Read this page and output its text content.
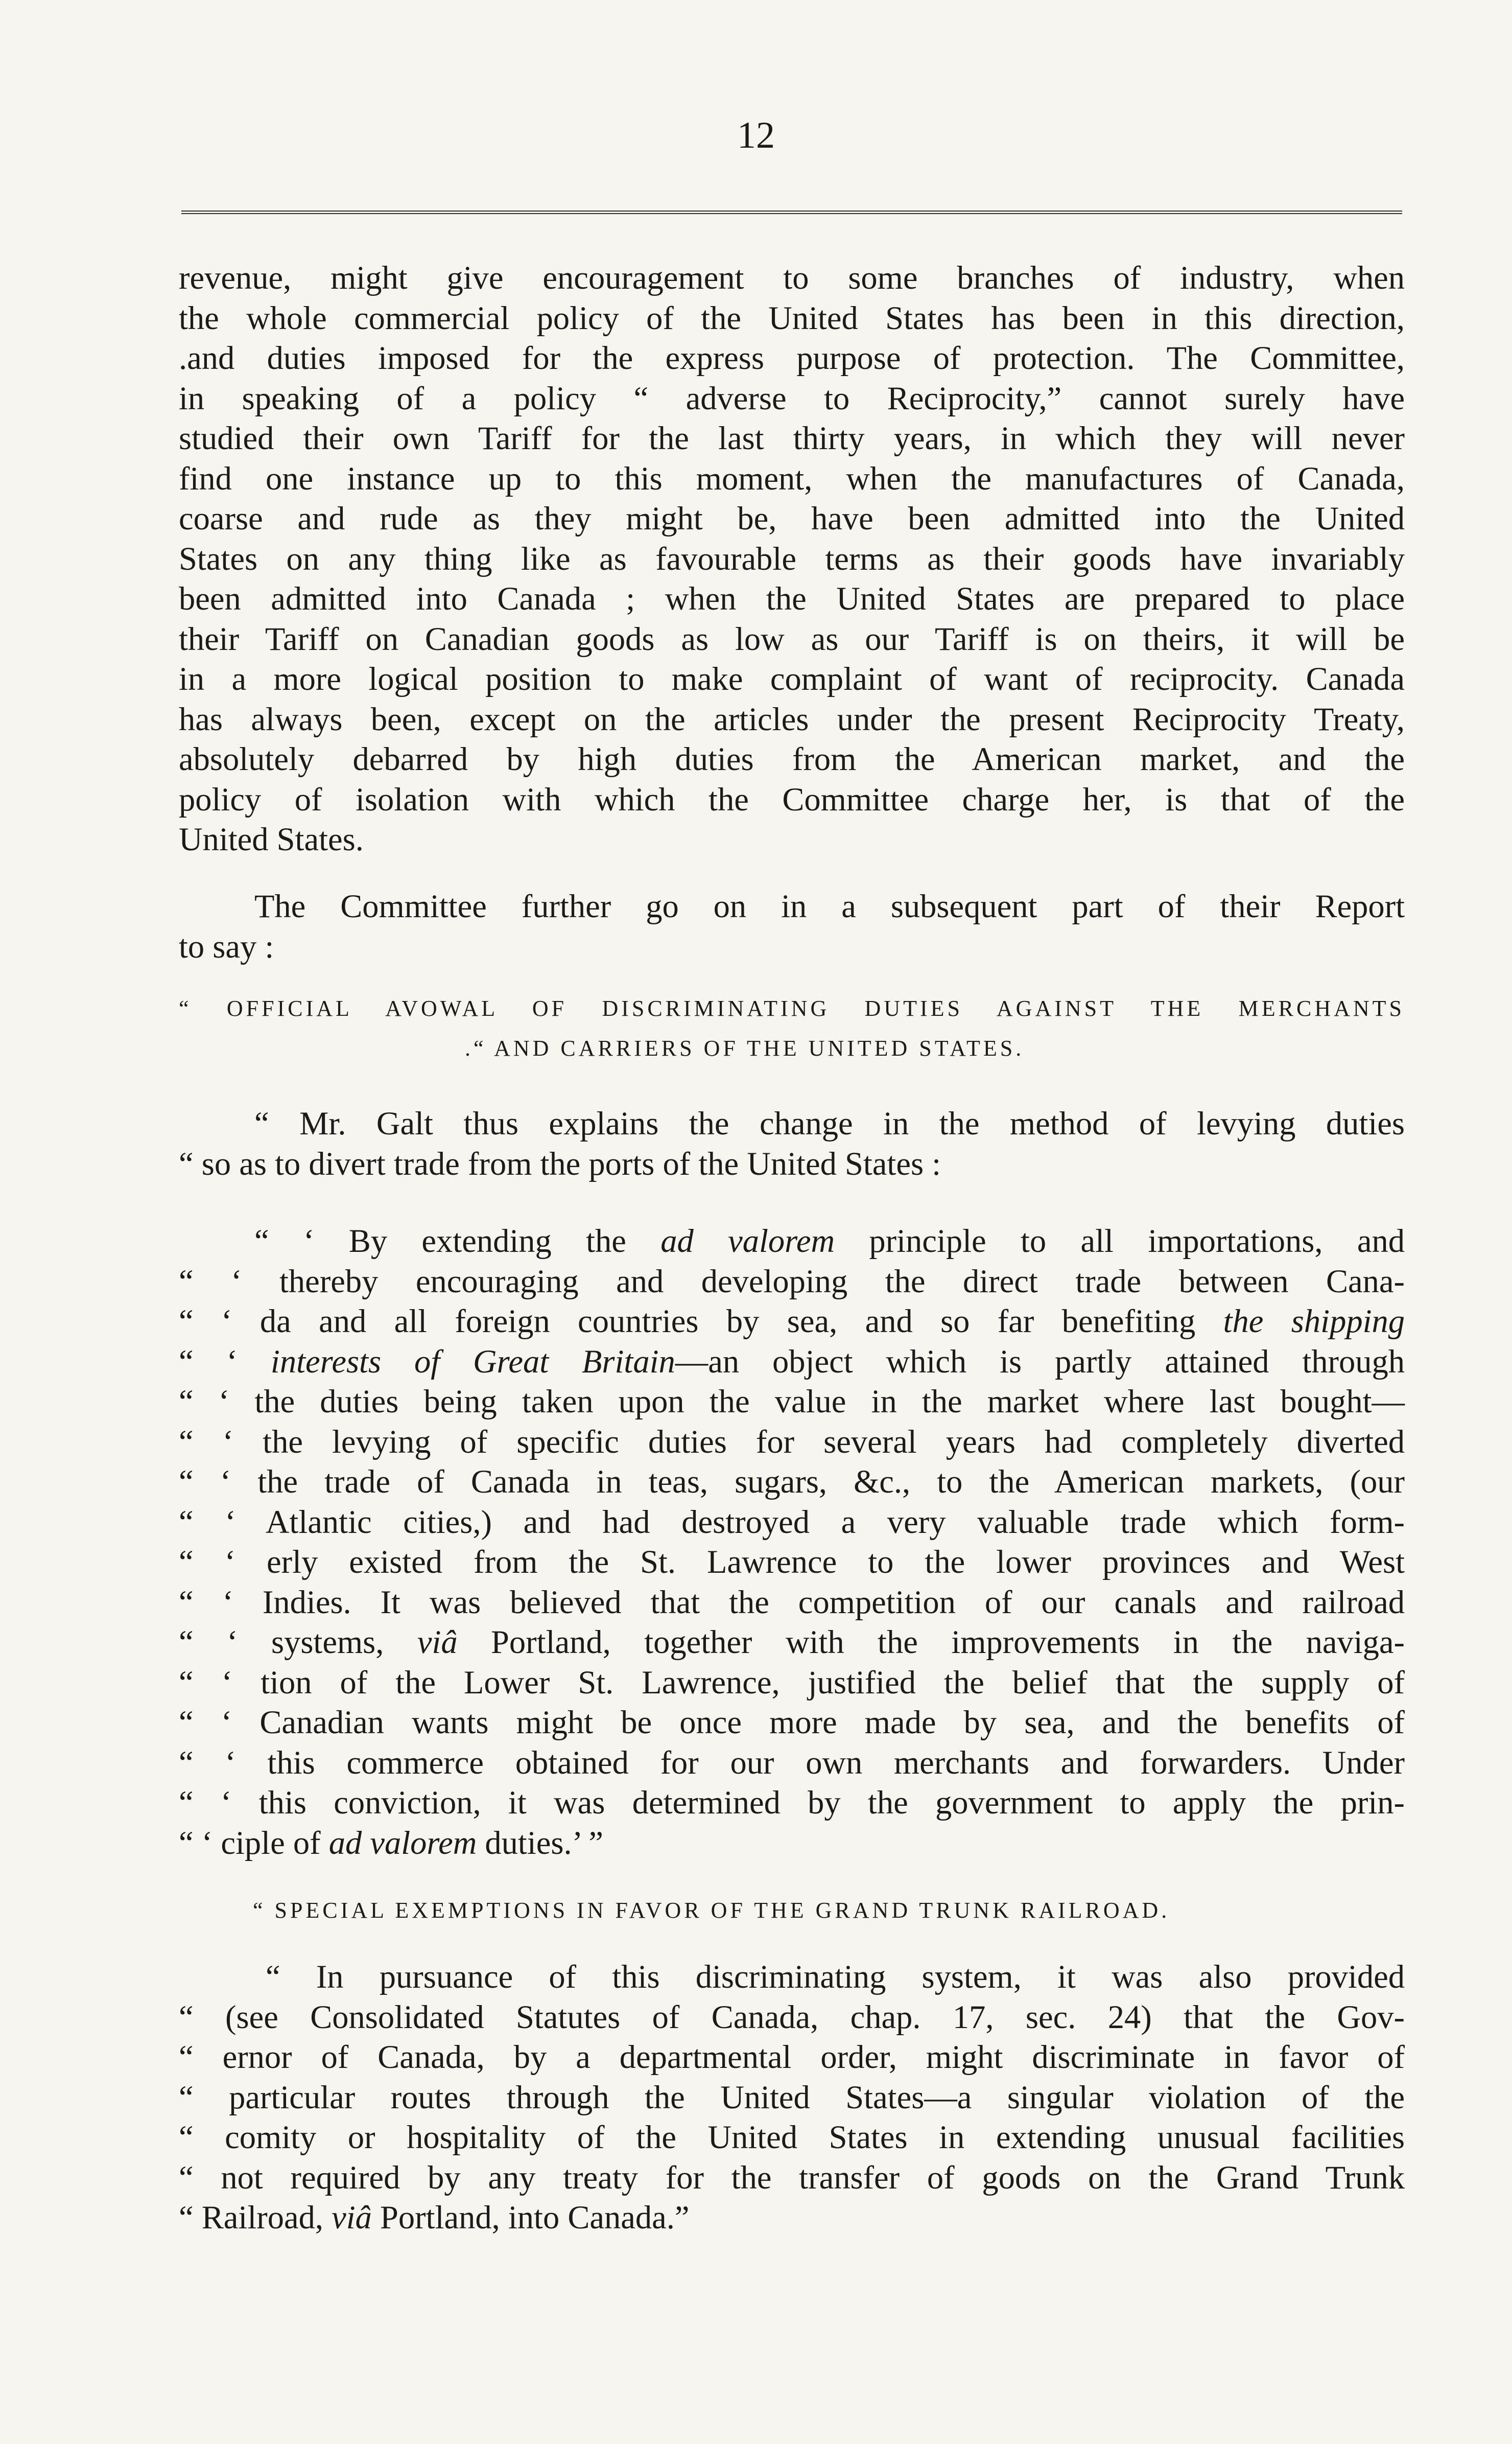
12
revenue, might give encouragement to some branches of industry, when
the whole commercial policy of the United States has been in this direction,
.and duties imposed for the express purpose of protection. The Committee,
in speaking of a policy “ adverse to Reciprocity,” cannot surely have
studied their own Tariff for the last thirty years, in which they will never
find one instance up to this moment, when the manufactures of Canada,
coarse and rude as they might be, have been admitted into the United
States on any thing like as favourable terms as their goods have invariably
been admitted into Canada ; when the United States are prepared to place
their Tariff on Canadian goods as low as our Tariff is on theirs, it will be
in a more logical position to make complaint of want of reciprocity. Canada
has always been, except on the articles under the present Reciprocity Treaty,
absolutely debarred by high duties from the American market, and the
policy of isolation with which the Committee charge her, is that of the
United States.
The Committee further go on in a subsequent part of their Report
to say :
“ OFFICIAL AVOWAL OF DISCRIMINATING DUTIES AGAINST THE MERCHANTS
.“ AND CARRIERS OF THE UNITED STATES.
“ Mr. Galt thus explains the change in the method of levying duties
“ so as to divert trade from the ports of the United States :
“ ‘ By extending the ad valorem principle to all importations, and
“ ‘ thereby encouraging and developing the direct trade between Cana-
“ ‘ da and all foreign countries by sea, and so far benefiting the shipping
“ ‘ interests of Great Britain—an object which is partly attained through
“ ‘ the duties being taken upon the value in the market where last bought—
“ ‘ the levying of specific duties for several years had completely diverted
“ ‘ the trade of Canada in teas, sugars, &c., to the American markets, (our
“ ‘ Atlantic cities,) and had destroyed a very valuable trade which form-
“ ‘ erly existed from the St. Lawrence to the lower provinces and West
“ ‘ Indies. It was believed that the competition of our canals and railroad
“ ‘ systems, viâ Portland, together with the improvements in the naviga-
“ ‘ tion of the Lower St. Lawrence, justified the belief that the supply of
“ ‘ Canadian wants might be once more made by sea, and the benefits of
“ ‘ this commerce obtained for our own merchants and forwarders. Under
“ ‘ this conviction, it was determined by the government to apply the prin-
“ ‘ ciple of ad valorem duties.’ ”
“ SPECIAL EXEMPTIONS IN FAVOR OF THE GRAND TRUNK RAILROAD.
“ In pursuance of this discriminating system, it was also provided
“ (see Consolidated Statutes of Canada, chap. 17, sec. 24) that the Gov-
“ ernor of Canada, by a departmental order, might discriminate in favor of
“ particular routes through the United States—a singular violation of the
“ comity or hospitality of the United States in extending unusual facilities
“ not required by any treaty for the transfer of goods on the Grand Trunk
“ Railroad, viâ Portland, into Canada.”
